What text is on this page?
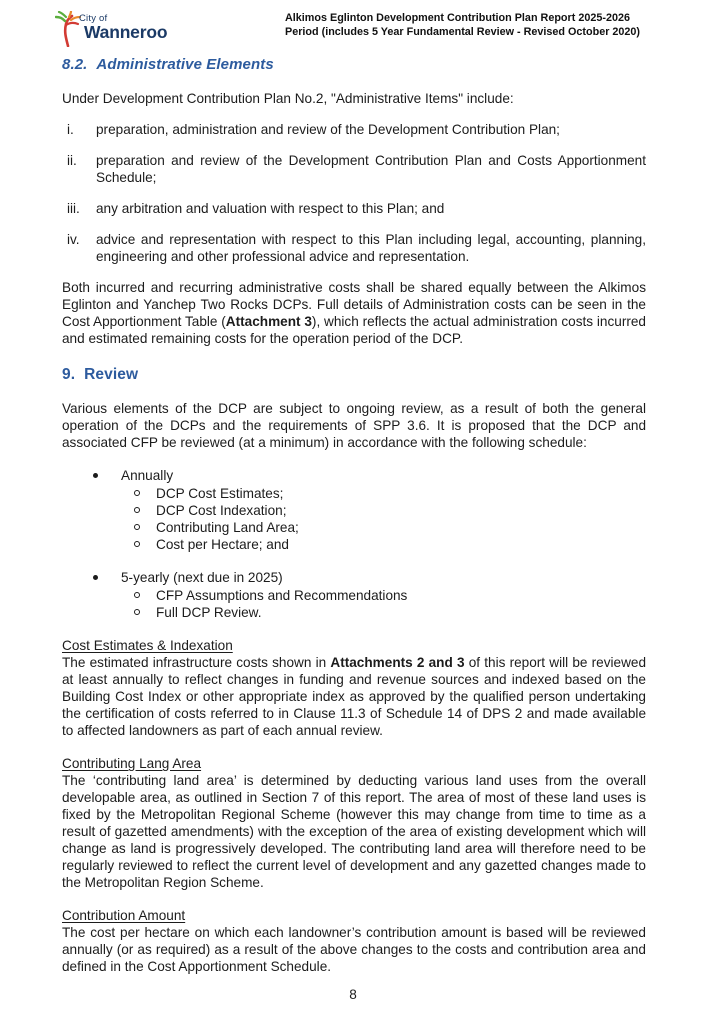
City of
Wanneroo
Alkimos Eglinton Development Contribution Plan Report 2025-2026
Period (includes 5 Year Fundamental Review - Revised October 2020)
8.2. Administrative Elements

Under Development Contribution Plan No.2, "Administrative Items" include:

i.	preparation, administration and review of the Development Contribution Plan;
ii.	preparation and review of the Development Contribution Plan and Costs Apportionment Schedule;
iii.	any arbitration and valuation with respect to this Plan; and
iv.	advice and representation with respect to this Plan including legal, accounting, planning, engineering and other professional advice and representation.

Both incurred and recurring administrative costs shall be shared equally between the Alkimos Eglinton and Yanchep Two Rocks DCPs. Full details of Administration costs can be seen in the Cost Apportionment Table (Attachment 3), which reflects the actual administration costs incurred and estimated remaining costs for the operation period of the DCP.

9. Review

Various elements of the DCP are subject to ongoing review, as a result of both the general operation of the DCPs and the requirements of SPP 3.6. It is proposed that the DCP and associated CFP be reviewed (at a minimum) in accordance with the following schedule:

Annually
DCP Cost Estimates;
DCP Cost Indexation;
Contributing Land Area;
Cost per Hectare; and
5-yearly (next due in 2025)
CFP Assumptions and Recommendations
Full DCP Review.
Cost Estimates & Indexation

The estimated infrastructure costs shown in Attachments 2 and 3 of this report will be reviewed at least annually to reflect changes in funding and revenue sources and indexed based on the Building Cost Index or other appropriate index as approved by the qualified person undertaking the certification of costs referred to in Clause 11.3 of Schedule 14 of DPS 2 and made available to affected landowners as part of each annual review.

Contributing Lang Area

The ‘contributing land area’ is determined by deducting various land uses from the overall developable area, as outlined in Section 7 of this report. The area of most of these land uses is fixed by the Metropolitan Regional Scheme (however this may change from time to time as a result of gazetted amendments) with the exception of the area of existing development which will change as land is progressively developed. The contributing land area will therefore need to be regularly reviewed to reflect the current level of development and any gazetted changes made to the Metropolitan Region Scheme.

Contribution Amount

The cost per hectare on which each landowner’s contribution amount is based will be reviewed annually (or as required) as a result of the above changes to the costs and contribution area and defined in the Cost Apportionment Schedule.

8
